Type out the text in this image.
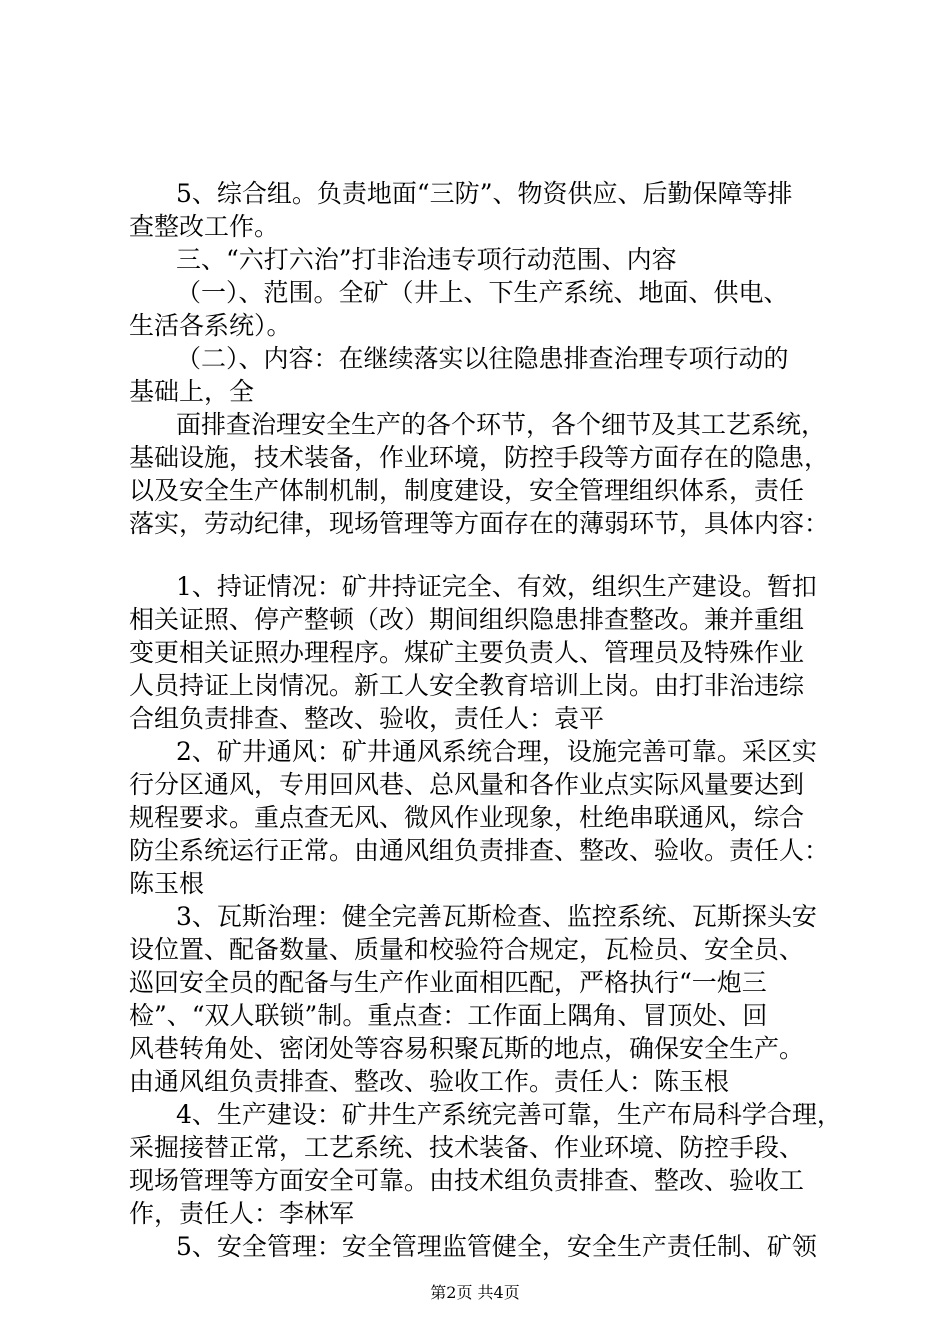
5、综合组。负责地面“三防”、物资供应、后勤保障等排
查整改工作。
三、“六打六治”打非治违专项行动范围、内容
（一）、范围。全矿（井上、下生产系统、地面、供电、
生活各系统）。
（二）、内容：在继续落实以往隐患排查治理专项行动的
基础上，全
面排查治理安全生产的各个环节，各个细节及其工艺系统，
基础设施，技术装备，作业环境，防控手段等方面存在的隐患，
以及安全生产体制机制，制度建设，安全管理组织体系，责任
落实，劳动纪律，现场管理等方面存在的薄弱环节，具体内容：
1、持证情况：矿井持证完全、有效，组织生产建设。暂扣
相关证照、停产整顿（改）期间组织隐患排查整改。兼并重组
变更相关证照办理程序。煤矿主要负责人、管理员及特殊作业
人员持证上岗情况。新工人安全教育培训上岗。由打非治违综
合组负责排查、整改、验收，责任人：袁平
2、矿井通风：矿井通风系统合理，设施完善可靠。采区实
行分区通风，专用回风巷、总风量和各作业点实际风量要达到
规程要求。重点查无风、微风作业现象，杜绝串联通风，综合
防尘系统运行正常。由通风组负责排查、整改、验收。责任人：
陈玉根
3、瓦斯治理：健全完善瓦斯检查、监控系统、瓦斯探头安
设位置、配备数量、质量和校验符合规定，瓦检员、安全员、
巡回安全员的配备与生产作业面相匹配，严格执行“一炮三
检”、“双人联锁”制。重点查：工作面上隅角、冒顶处、回
风巷转角处、密闭处等容易积聚瓦斯的地点，确保安全生产。
由通风组负责排查、整改、验收工作。责任人：陈玉根
4、生产建设：矿井生产系统完善可靠，生产布局科学合理，
采掘接替正常，工艺系统、技术装备、作业环境、防控手段、
现场管理等方面安全可靠。由技术组负责排查、整改、验收工
作，责任人：李林军
5、安全管理：安全管理监管健全，安全生产责任制、矿领
第2页 共4页
